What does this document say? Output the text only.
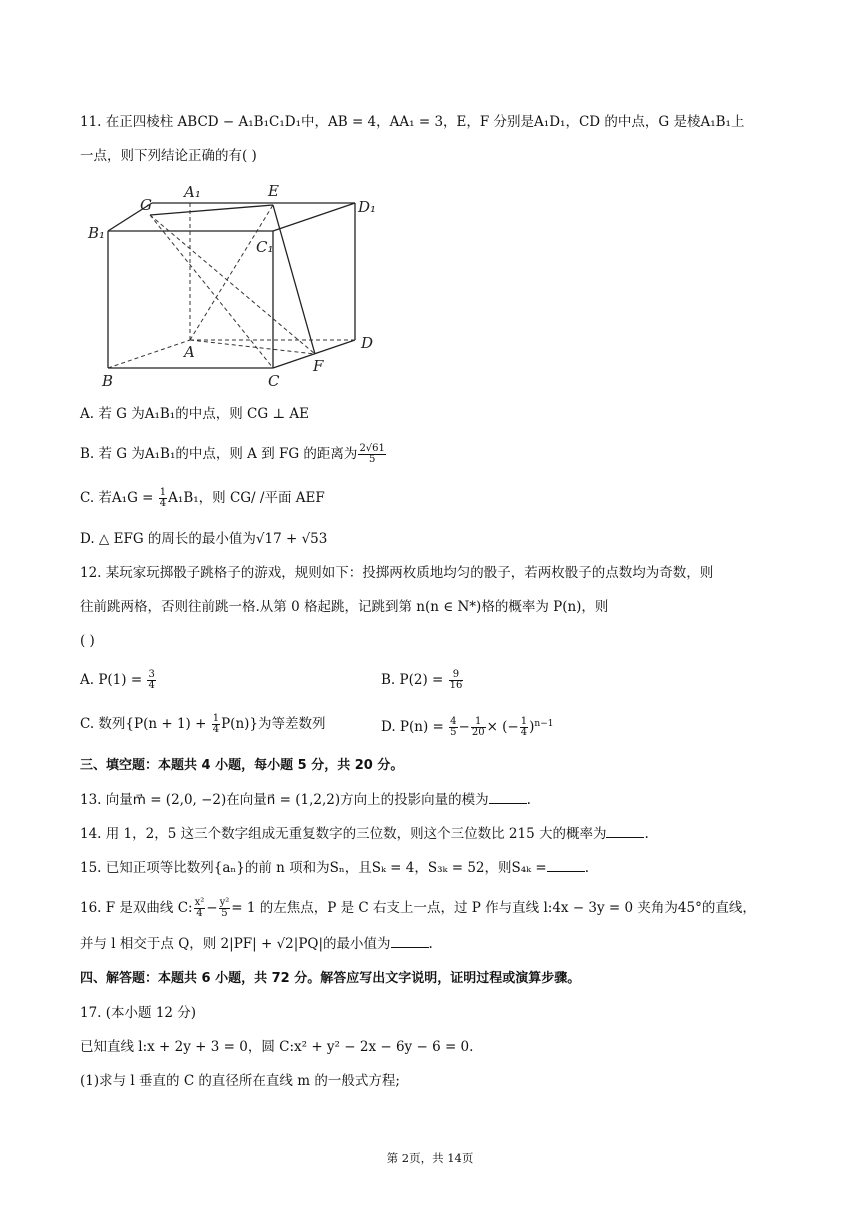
11. 在正四棱柱 ABCD − A₁B₁C₁D₁中，AB = 4，AA₁ = 3，E，F 分别是A₁D₁，CD 的中点，G 是棱A₁B₁上
一点，则下列结论正确的有( )
G
A₁	E
D₁
B₁
C₁
A	D
B	C
F
A. 若 G 为A₁B₁的中点，则 CG ⊥ AE
B. 若 G 为A₁B₁的中点，则 A 到 FG 的距离为 $\frac{2√61}{5}$
C. 若$A_1G = \frac{1}{4} A_1B_1$，则 CG/ /平面 AEF
D. △ EFG 的周长的最小值为√17 + √53
12. 某玩家玩掷骰子跳格子的游戏，规则如下：投掷两枚质地均匀的骰子，若两枚骰子的点数均为奇数，则
往前跳两格，否则往前跳一格.从第 0 格起跳，记跳到第 n(n ∈ N*)格的概率为 P(n)，则
( )
A. $P(1) = \frac{3}{4}$	B. $P(2) = \frac{9}{16}$
C. 数列$\{P(n + 1) + \frac{1}{4} P(n)\}$为等差数列	D. $P(n) = \frac{4}{5} - \frac{1}{20}$ × (− $\frac{1}{4} )^{n-1}$
三、填空题：本题共 4 小题，每小题 5 分，共 20 分。
13. 向量m⃗ = (2,0, −2)在向量n⃗ = (1,2,2)方向上的投影向量的模为	.
14. 用 1，2，5 这三个数字组成无重复数字的三位数，则这个三位数比 215 大的概率为	.
15. 已知正项等比数列{aₙ}的前 n 项和为Sₙ，且Sₖ = 4，S₃ₖ = 52，则S₄ₖ =	.
16. F 是双曲线 C: $\frac{\text{x²}}{4} - \frac{\text{y²}}{5} = 1$ 的左焦点，P 是 C 右支上一点，过 P 作与直线 l:4x − 3y = 0 夹角为45°的直线，
并与 l 相交于点 Q，则 2|PF| + √2|PQ|的最小值为	.
四、解答题：本题共 6 小题，共 72 分。解答应写出文字说明，证明过程或演算步骤。
17. (本小题 12 分)
已知直线 l:x + 2y + 3 = 0，圆 C:x² + y² − 2x − 6y − 6 = 0.
(1)求与 l 垂直的 C 的直径所在直线 m 的一般式方程;
第 2页，共 14页
